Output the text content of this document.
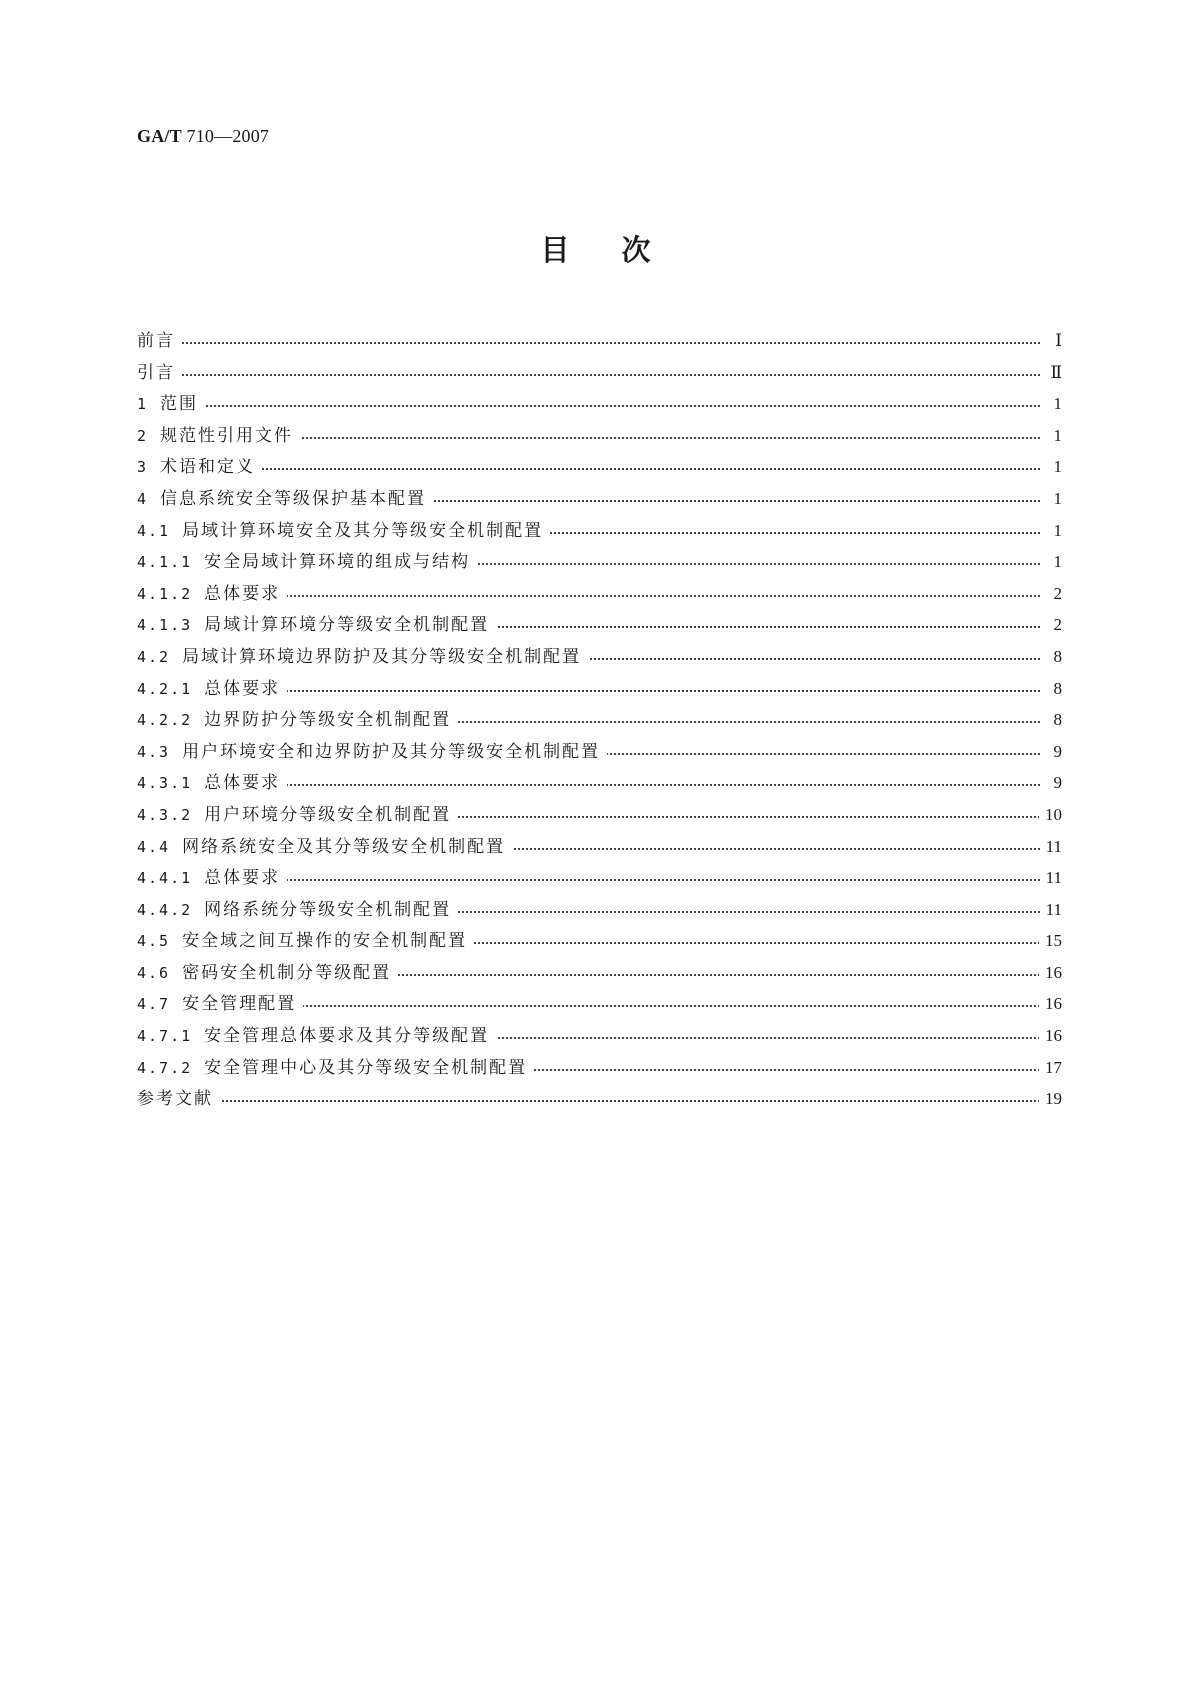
GA/T 710—2007
目次
前言	Ⅰ
引言	Ⅱ
1 范围	1
2 规范性引用文件	1
3 术语和定义	1
4 信息系统安全等级保护基本配置	1
4.1 局域计算环境安全及其分等级安全机制配置	1
4.1.1 安全局域计算环境的组成与结构	1
4.1.2 总体要求	2
4.1.3 局域计算环境分等级安全机制配置	2
4.2 局域计算环境边界防护及其分等级安全机制配置	8
4.2.1 总体要求	8
4.2.2 边界防护分等级安全机制配置	8
4.3 用户环境安全和边界防护及其分等级安全机制配置	9
4.3.1 总体要求	9
4.3.2 用户环境分等级安全机制配置	10
4.4 网络系统安全及其分等级安全机制配置	11
4.4.1 总体要求	11
4.4.2 网络系统分等级安全机制配置	11
4.5 安全域之间互操作的安全机制配置	15
4.6 密码安全机制分等级配置	16
4.7 安全管理配置	16
4.7.1 安全管理总体要求及其分等级配置	16
4.7.2 安全管理中心及其分等级安全机制配置	17
参考文献	19
